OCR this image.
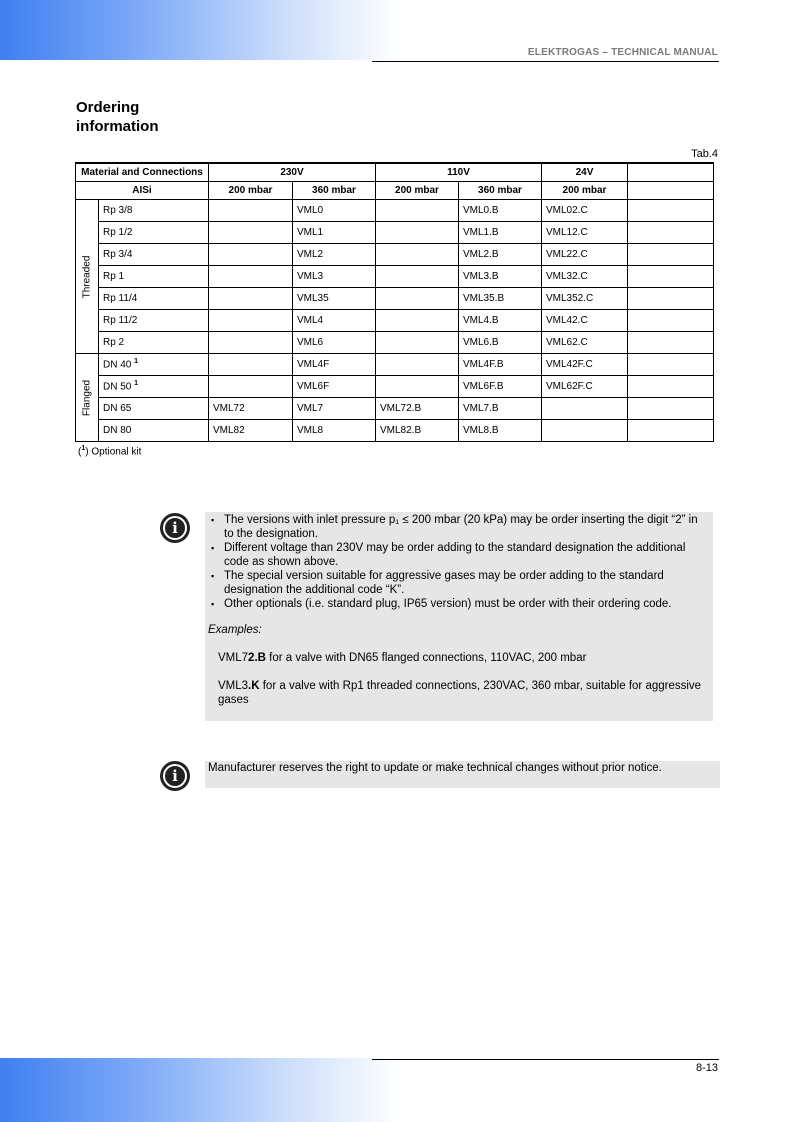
ELEKTROGAS – TECHNICAL MANUAL
Ordering
information
Tab.4
Material and Connections		230V		110V		24V	
AISi		200 mbar	360 mbar	200 mbar	360 mbar	200 mbar	

Threaded	Rp 3/8		VML0		VML0.B	VML02.C	
	Rp 1/2		VML1		VML1.B	VML12.C	
	Rp 3/4		VML2		VML2.B	VML22.C	
	Rp 1		VML3		VML3.B	VML32.C	
	Rp 11/4		VML35		VML35.B	VML352.C	
	Rp 11/2		VML4		VML4.B	VML42.C	
	Rp 2		VML6		VML6.B	VML62.C	

Flanged	DN 40 $^1$		VML4F		VML4F.B	VML42F.C	
	DN 50 $^1$		VML6F		VML6F.B	VML62F.C	
	DN 65	VML72	VML7	VML72.B	VML7.B		
	DN 80	VML82	VML8	VML82.B	VML8.B		
($^1$) Optional kit
i	▪ The versions with inlet pressure p₁ ≤ 200 mbar (20 kPa) may be order inserting the digit “2” in to the designation.
▪ Different voltage than 230V may be order adding to the standard designation the additional code as shown above.
▪ The special version suitable for aggressive gases may be order adding to the standard designation the additional code “K”.
▪ Other optionals (i.e. standard plug, IP65 version) must be order with their ordering code.
Examples:
VML72.B for a valve with DN65 flanged connections, 110VAC, 200 mbar
VML3.K for a valve with Rp1 threaded connections, 230VAC, 360 mbar, suitable for aggressive gases
i	Manufacturer reserves the right to update or make technical changes without prior notice.
8-13
